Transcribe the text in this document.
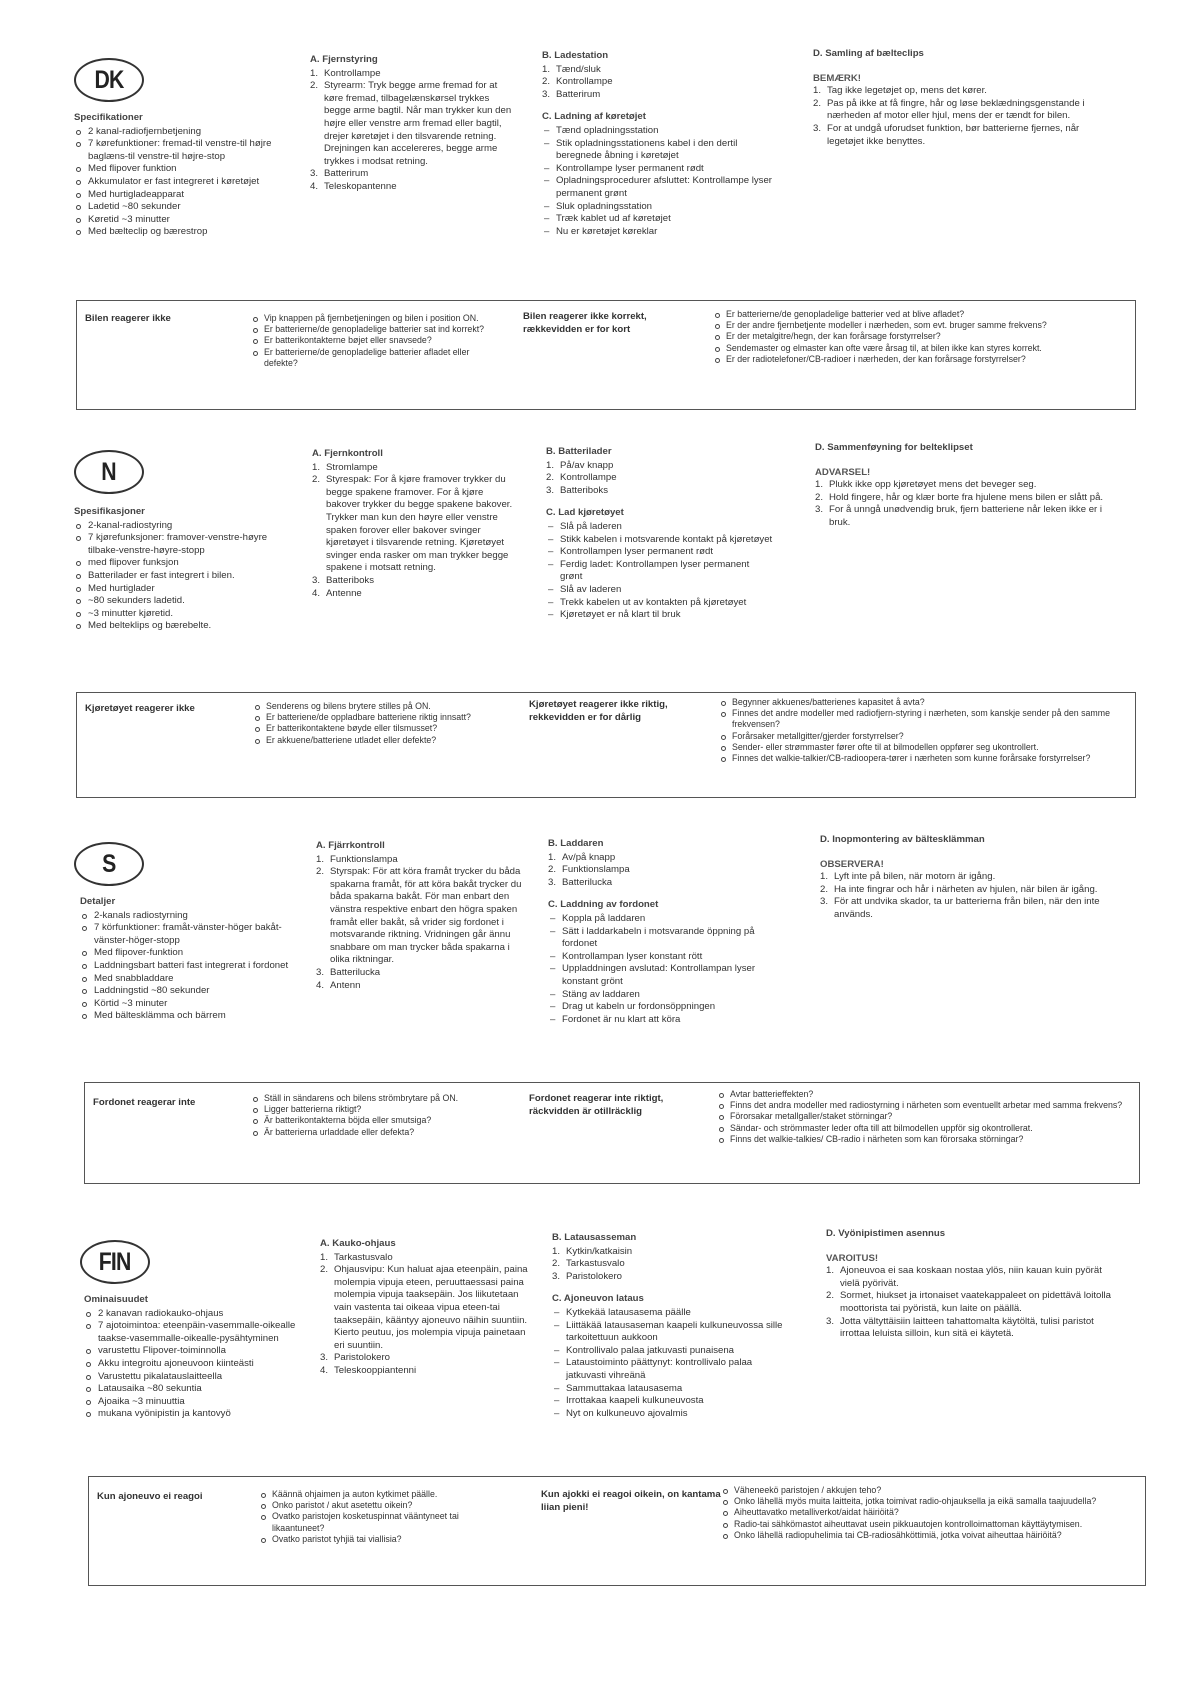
DK
Specifikationer
2 kanal-radiofjernbetjening
7 kørefunktioner: fremad-til venstre-til højre baglæns-til venstre-til højre-stop
Med flipover funktion
Akkumulator er fast integreret i køretøjet
Med hurtigladeapparat
Ladetid ~80 sekunder
Køretid ~3 minutter
Med bælteclip og bærestrop
A. Fjernstyring
1. Kontrollampe
2. Styrearm: Tryk begge arme fremad for at køre fremad, tilbagelænskørsel trykkes begge arme bagtil. Når man trykker kun den højre eller venstre arm fremad eller bagtil, drejer køretøjet i den tilsvarende retning. Drejningen kan accelereres, begge arme trykkes i modsat retning.
3. Batterirum
4. Teleskopantenne
B. Ladestation
1. Tænd/sluk
2. Kontrollampe
3. Batterirum
C. Ladning af køretøjet
– Tænd opladningsstation
– Stik opladningsstationens kabel i den dertil beregnede åbning i køretøjet
– Kontrollampe lyser permanent rødt
– Opladningsprocedurer afsluttet: Kontrollampe lyser permanent grønt
– Sluk opladningsstation
– Træk kablet ud af køretøjet
– Nu er køretøjet køreklar
D. Samling af bælteclips
BEMÆRK!
1. Tag ikke legetøjet op, mens det kører.
2. Pas på ikke at få fingre, hår og løse beklædningsgenstande i nærheden af motor eller hjul, mens der er tændt for bilen.
3. For at undgå uforudset funktion, bør batterierne fjernes, når legetøjet ikke benyttes.
Bilen reagerer ikke	Vip knappen på fjernbetjeningen og bilen i position ON.
Er batterierne/de genopladelige batterier sat ind korrekt?
Er batterikontakterne bøjet eller snavsede?
Er batterierne/de genopladelige batterier afladet eller defekte?
Bilen reagerer ikke korrekt, rækkevidden er for kort
Er batterierne/de genopladelige batterier ved at blive afladet?
Er der andre fjernbetjente modeller i nærheden, som evt. bruger samme frekvens?
Er der metalgitre/hegn, der kan forårsage forstyrrelser?
Sendemaster og elmaster kan ofte være årsag til, at bilen ikke kan styres korrekt.
Er der radiotelefoner/CB-radioer i nærheden, der kan forårsage forstyrrelser?
N
Spesifikasjoner
2-kanal-radiostyring
7 kjørefunksjoner: framover-venstre-høyre tilbake-venstre-høyre-stopp
med flipover funksjon
Batterilader er fast integrert i bilen.
Med hurtiglader
~80 sekunders ladetid.
~3 minutter kjøretid.
Med belteklips og bærebelte.
A. Fjernkontroll
1. Stromlampe
2. Styrespak: For å kjøre framover trykker du begge spakene framover. For å kjøre bakover trykker du begge spakene bakover. Trykker man kun den høyre eller venstre spaken forover eller bakover svinger kjøretøyet i tilsvarende retning. Kjøretøyet svinger enda rasker om man trykker begge spakene i motsatt retning.
3. Batteriboks
4. Antenne
B. Batterilader
1. På/av knapp
2. Kontrollampe
3. Batteriboks
C. Lad kjøretøyet
– Slå på laderen
– Stikk kabelen i motsvarende kontakt på kjøretøyet
– Kontrollampen lyser permanent rødt
– Ferdig ladet: Kontrollampen lyser permanent grønt
– Slå av laderen
– Trekk kabelen ut av kontakten på kjøretøyet
– Kjøretøyet er nå klart til bruk
D. Sammenføyning for belteklipset
ADVARSEL!
1. Plukk ikke opp kjøretøyet mens det beveger seg.
2. Hold fingere, hår og klær borte fra hjulene mens bilen er slått på.
3. For å unngå unødvendig bruk, fjern batteriene når leken ikke er i bruk.
Kjøretøyet reagerer ikke	Senderens og bilens brytere stilles på ON.
Er batteriene/de oppladbare batteriene riktig innsatt?
Er batterikontaktene bøyde eller tilsmusset?
Er akkuene/batteriene utladet eller defekte?
Kjøretøyet reagerer ikke riktig, rekkevidden er for dårlig
Begynner akkuenes/batterienes kapasitet å avta?
Finnes det andre modeller med radiofjern-styring i nærheten, som kanskje sender på den samme frekvensen?
Forårsaker metallgitter/gjerder forstyrrelser?
Sender- eller strømmaster fører ofte til at bilmodellen oppfører seg ukontrollert.
Finnes det walkie-talkier/CB-radioopera-tører i nærheten som kunne forårsake forstyrrelser?
S
Detaljer
2-kanals radiostyrning
7 körfunktioner: framåt-vänster-höger bakåt-vänster-höger-stopp
Med flipover-funktion
Laddningsbart batteri fast integrerat i fordonet
Med snabbladdare
Laddningstid ~80 sekunder
Körtid ~3 minuter
Med bältesklämma och bärrem
A. Fjärrkontroll
1. Funktionslampa
2. Styrspak: För att köra framåt trycker du båda spakarna framåt, för att köra bakåt trycker du båda spakarna bakåt. För man enbart den vänstra respektive enbart den högra spaken framåt eller bakåt, så vrider sig fordonet i motsvarande riktning. Vridningen går ännu snabbare om man trycker båda spakarna i olika riktningar.
3. Batterilucka
4. Antenn
B. Laddaren
1. Av/på knapp
2. Funktionslampa
3. Batterilucka
C. Laddning av fordonet
– Koppla på laddaren
– Sätt i laddarkabeln i motsvarande öppning på fordonet
– Kontrollampan lyser konstant rött
– Uppladdningen avslutad: Kontrollampan lyser konstant grönt
– Stäng av laddaren
– Drag ut kabeln ur fordonsöppningen
– Fordonet är nu klart att köra
D. Inopmontering av bältesklämman
OBSERVERA!
1. Lyft inte på bilen, när motorn är igång.
2. Ha inte fingrar och hår i närheten av hjulen, när bilen är igång.
3. För att undvika skador, ta ur batterierna från bilen, när den inte används.
Fordonet reagerar inte	Ställ in sändarens och bilens strömbrytare på ON.
Ligger batterierna riktigt?
Är batterikontakterna böjda eller smutsiga?
Är batterierna urladdade eller defekta?
Fordonet reagerar inte riktigt, räckvidden är otillräcklig
Avtar batterieffekten?
Finns det andra modeller med radiostyrning i närheten som eventuellt arbetar med samma frekvens?
Förorsakar metallgaller/staket störningar?
Sändar- och strömmaster leder ofta till att bilmodellen uppför sig okontrollerat.
Finns det walkie-talkies/ CB-radio i närheten som kan förorsaka störningar?
FIN
Ominaisuudet
2 kanavan radiokauko-ohjaus
7 ajotoimintoa: eteenpäin-vasemmalle-oikealle taakse-vasemmalle-oikealle-pysähtyminen
varustettu Flipover-toiminnolla
Akku integroitu ajoneuvoon kiinteästi
Varustettu pikalatauslaitteella
Latausaika ~80 sekuntia
Ajoaika ~3 minuuttia
mukana vyönipistin ja kantovyö
A. Kauko-ohjaus
1. Tarkastusvalo
2. Ohjausvipu: Kun haluat ajaa eteenpäin, paina molempia vipuja eteen, peruuttaessasi paina molempia vipuja taaksepäin. Jos liikutetaan vain vastenta tai oikeaa vipua eteen-tai taaksepäin, kääntyy ajoneuvo näihin suuntiin. Kierto peutuu, jos molempia vipuja painetaan eri suuntiin.
3. Paristolokero
4. Teleskooppiantenni
B. Latausasseman
1. Kytkin/katkaisin
2. Tarkastusvalo
3. Paristolokero
C. Ajoneuvon lataus
– Kytkekää latausasema päälle
– Liittäkää latausaseman kaapeli kulkuneuvossa sille tarkoitettuun aukkoon
– Kontrollivalo palaa jatkuvasti punaisena
– Lataustoiminto päättynyt: kontrollivalo palaa jatkuvasti vihreänä
– Sammuttakaa latausasema
– Irrottakaa kaapeli kulkuneuvosta
– Nyt on kulkuneuvo ajovalmis
D. Vyönipistimen asennus
VAROITUS!
1. Ajoneuvoa ei saa koskaan nostaa ylös, niin kauan kuin pyörät vielä pyörivät.
2. Sormet, hiukset ja irtonaiset vaatekappaleet on pidettävä loitolla moottorista tai pyöristä, kun laite on päällä.
3. Jotta vältyttäisiin laitteen tahattomalta käytöltä, tulisi paristot irrottaa leluista silloin, kun sitä ei käytetä.
Kun ajoneuvo ei reagoi	Käännä ohjaimen ja auton kytkimet päälle.
Onko paristot / akut asetettu oikein?
Ovatko paristojen kosketuspinnat vääntyneet tai likaantuneet?
Ovatko paristot tyhjiä tai viallisia?
Kun ajokki ei reagoi oikein, on kantama liian pieni!
Väheneekö paristojen / akkujen teho?
Onko lähellä myös muita laitteita, jotka toimivat radio-ohjauksella ja eikä samalla taajuudella?
Aiheuttavatko metalliverkot/aidat häiriöitä?
Radio-tai sähkömastot aiheuttavat usein pikkuautojen kontrolloimattoman käyttäytymisen.
Onko lähellä radiopuhelimia tai CB-radiosähköttimiä, jotka voivat aiheuttaa häiriöitä?
